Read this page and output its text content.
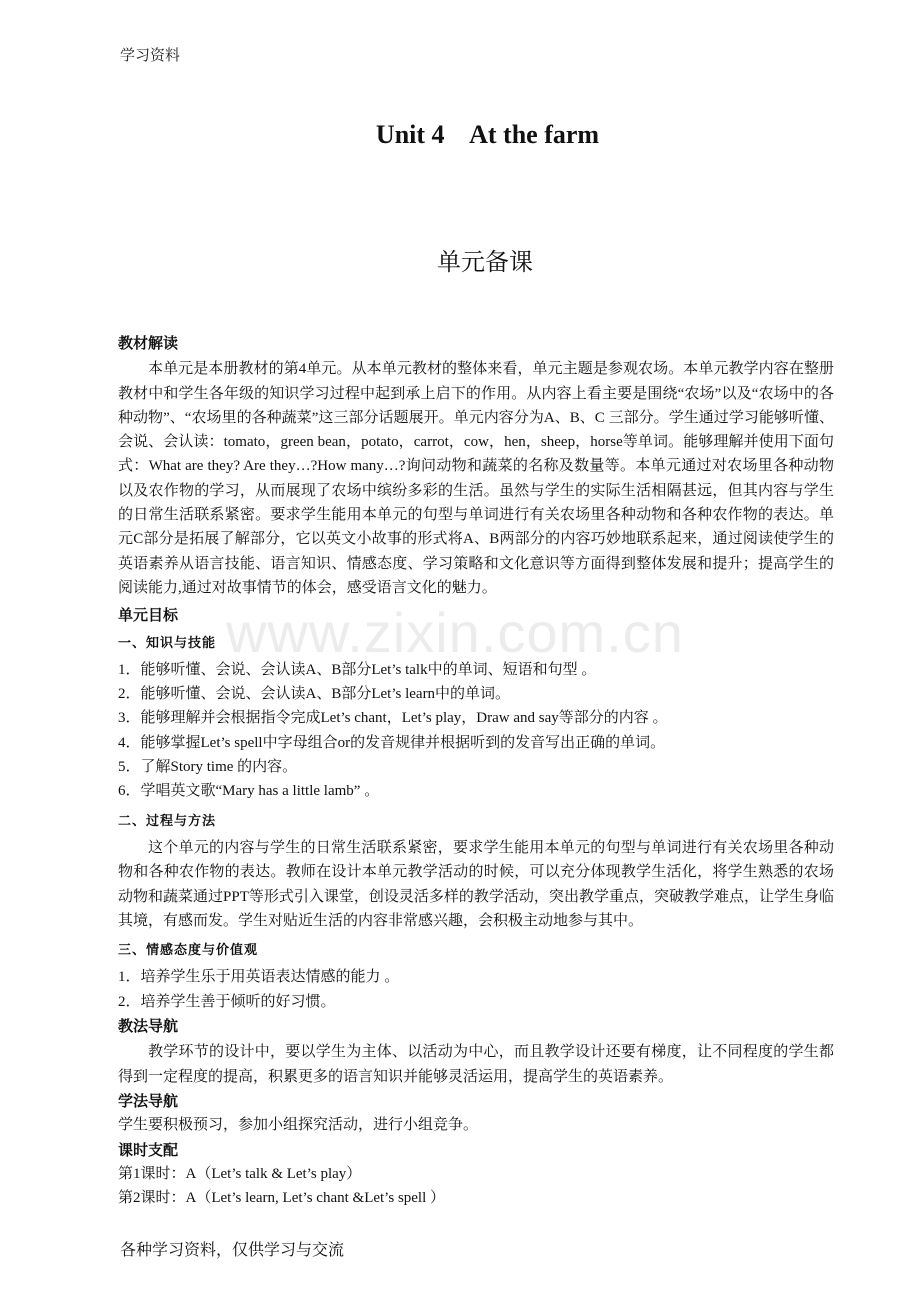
学习资料
Unit 4    At the farm
单元备课
www.zixin.com.cn

教材解读

本单元是本册教材的第4单元。从本单元教材的整体来看，单元主题是参观农场。本单元教学内容在整册教材中和学生各年级的知识学习过程中起到承上启下的作用。从内容上看主要是围绕“农场”以及“农场中的各种动物”、“农场里的各种蔬菜”这三部分话题展开。单元内容分为A、B、C 三部分。学生通过学习能够听懂、会说、会认读：tomato，green bean，potato，carrot，cow，hen，sheep，horse等单词。能够理解并使用下面句式：What are they? Are they…?How many…?询问动物和蔬菜的名称及数量等。本单元通过对农场里各种动物以及农作物的学习，从而展现了农场中缤纷多彩的生活。虽然与学生的实际生活相隔甚远，但其内容与学生的日常生活联系紧密。要求学生能用本单元的句型与单词进行有关农场里各种动物和各种农作物的表达。单元C部分是拓展了解部分，它以英文小故事的形式将A、B两部分的内容巧妙地联系起来，通过阅读使学生的英语素养从语言技能、语言知识、情感态度、学习策略和文化意识等方面得到整体发展和提升；提高学生的阅读能力,通过对故事情节的体会，感受语言文化的魅力。

单元目标

一、知识与技能

1．能够听懂、会说、会认读A、B部分Let’s talk中的单词、短语和句型 。

2．能够听懂、会说、会认读A、B部分Let’s learn中的单词。

3．能够理解并会根据指令完成Let’s chant，Let’s play，Draw and say等部分的内容 。

4．能够掌握Let’s spell中字母组合or的发音规律并根据听到的发音写出正确的单词。

5．了解Story time 的内容。

6．学唱英文歌“Mary has a little lamb” 。

二、过程与方法

这个单元的内容与学生的日常生活联系紧密，要求学生能用本单元的句型与单词进行有关农场里各种动物和各种农作物的表达。教师在设计本单元教学活动的时候，可以充分体现教学生活化，将学生熟悉的农场动物和蔬菜通过PPT等形式引入课堂，创设灵活多样的教学活动，突出教学重点，突破教学难点，让学生身临其境，有感而发。学生对贴近生活的内容非常感兴趣，会积极主动地参与其中。

三、情感态度与价值观

1．培养学生乐于用英语表达情感的能力 。

2．培养学生善于倾听的好习惯。

教法导航

教学环节的设计中，要以学生为主体、以活动为中心，而且教学设计还要有梯度，让不同程度的学生都得到一定程度的提高，积累更多的语言知识并能够灵活运用，提高学生的英语素养。

学法导航

学生要积极预习，参加小组探究活动，进行小组竞争。

课时支配

第1课时：A（Let’s talk & Let’s play）

第2课时：A（Let’s learn, Let’s chant &Let’s spell ）

各种学习资料，仅供学习与交流
